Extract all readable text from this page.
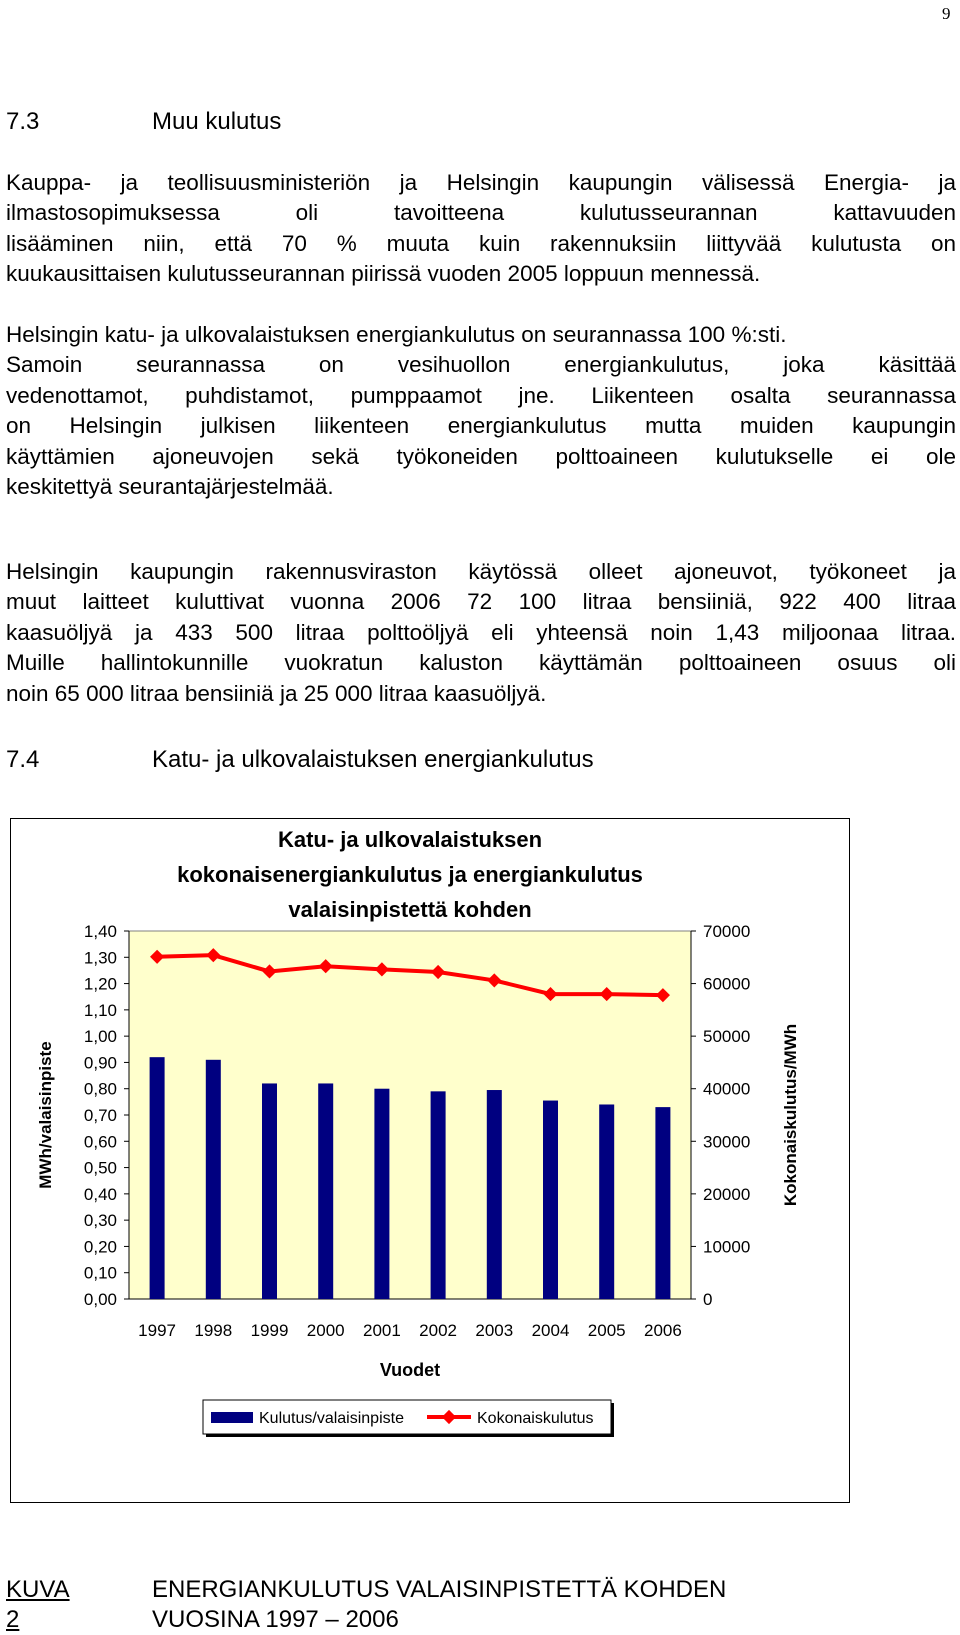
9
7.3	Muu kulutus
Kauppa- ja teollisuusministeriön ja Helsingin kaupungin välisessä Energia- ja
ilmastosopimuksessa oli tavoitteena kulutusseurannan kattavuuden
lisääminen niin, että 70 % muuta kuin rakennuksiin liittyvää kulutusta on
kuukausittaisen kulutusseurannan piirissä vuoden 2005 loppuun mennessä.
Helsingin katu- ja ulkovalaistuksen energiankulutus on seurannassa 100 %:sti.
Samoin seurannassa on vesihuollon energiankulutus, joka käsittää
vedenottamot, puhdistamot, pumppaamot jne. Liikenteen osalta seurannassa
on Helsingin julkisen liikenteen energiankulutus mutta muiden kaupungin
käyttämien ajoneuvojen sekä työkoneiden polttoaineen kulutukselle ei ole
keskitettyä seurantajärjestelmää.
Helsingin kaupungin rakennusviraston käytössä olleet ajoneuvot, työkoneet ja
muut laitteet kuluttivat vuonna 2006 72 100 litraa bensiiniä, 922 400 litraa
kaasuöljyä ja 433 500 litraa polttoöljyä eli yhteensä noin 1,43 miljoonaa litraa.
Muille hallintokunnille vuokratun kaluston käyttämän polttoaineen osuus oli
noin 65 000 litraa bensiiniä ja 25 000 litraa kaasuöljyä.
7.4	Katu- ja ulkovalaistuksen energiankulutus
Katu- ja ulkovalaistuksen
kokonaisenergiankulutus ja energiankulutus
valaisinpistettä kohden
0,00
0,10
0,20
0,30
0,40
0,50
0,60
0,70
0,80
0,90
1,00
1,10
1,20
1,30
1,40
0
10000
20000
30000
40000
50000
60000
70000
1997 1998 1999 2000 2001 2002 2003 2004 2005 2006
Vuodet
MWh/valaisinpiste	Kokonaiskulutus/MWh
Kulutus/valaisinpiste	Kokonaiskulutus
KUVA 2
ENERGIANKULUTUS VALAISINPISTETTÄ KOHDEN
VUOSINA 1997 – 2006
